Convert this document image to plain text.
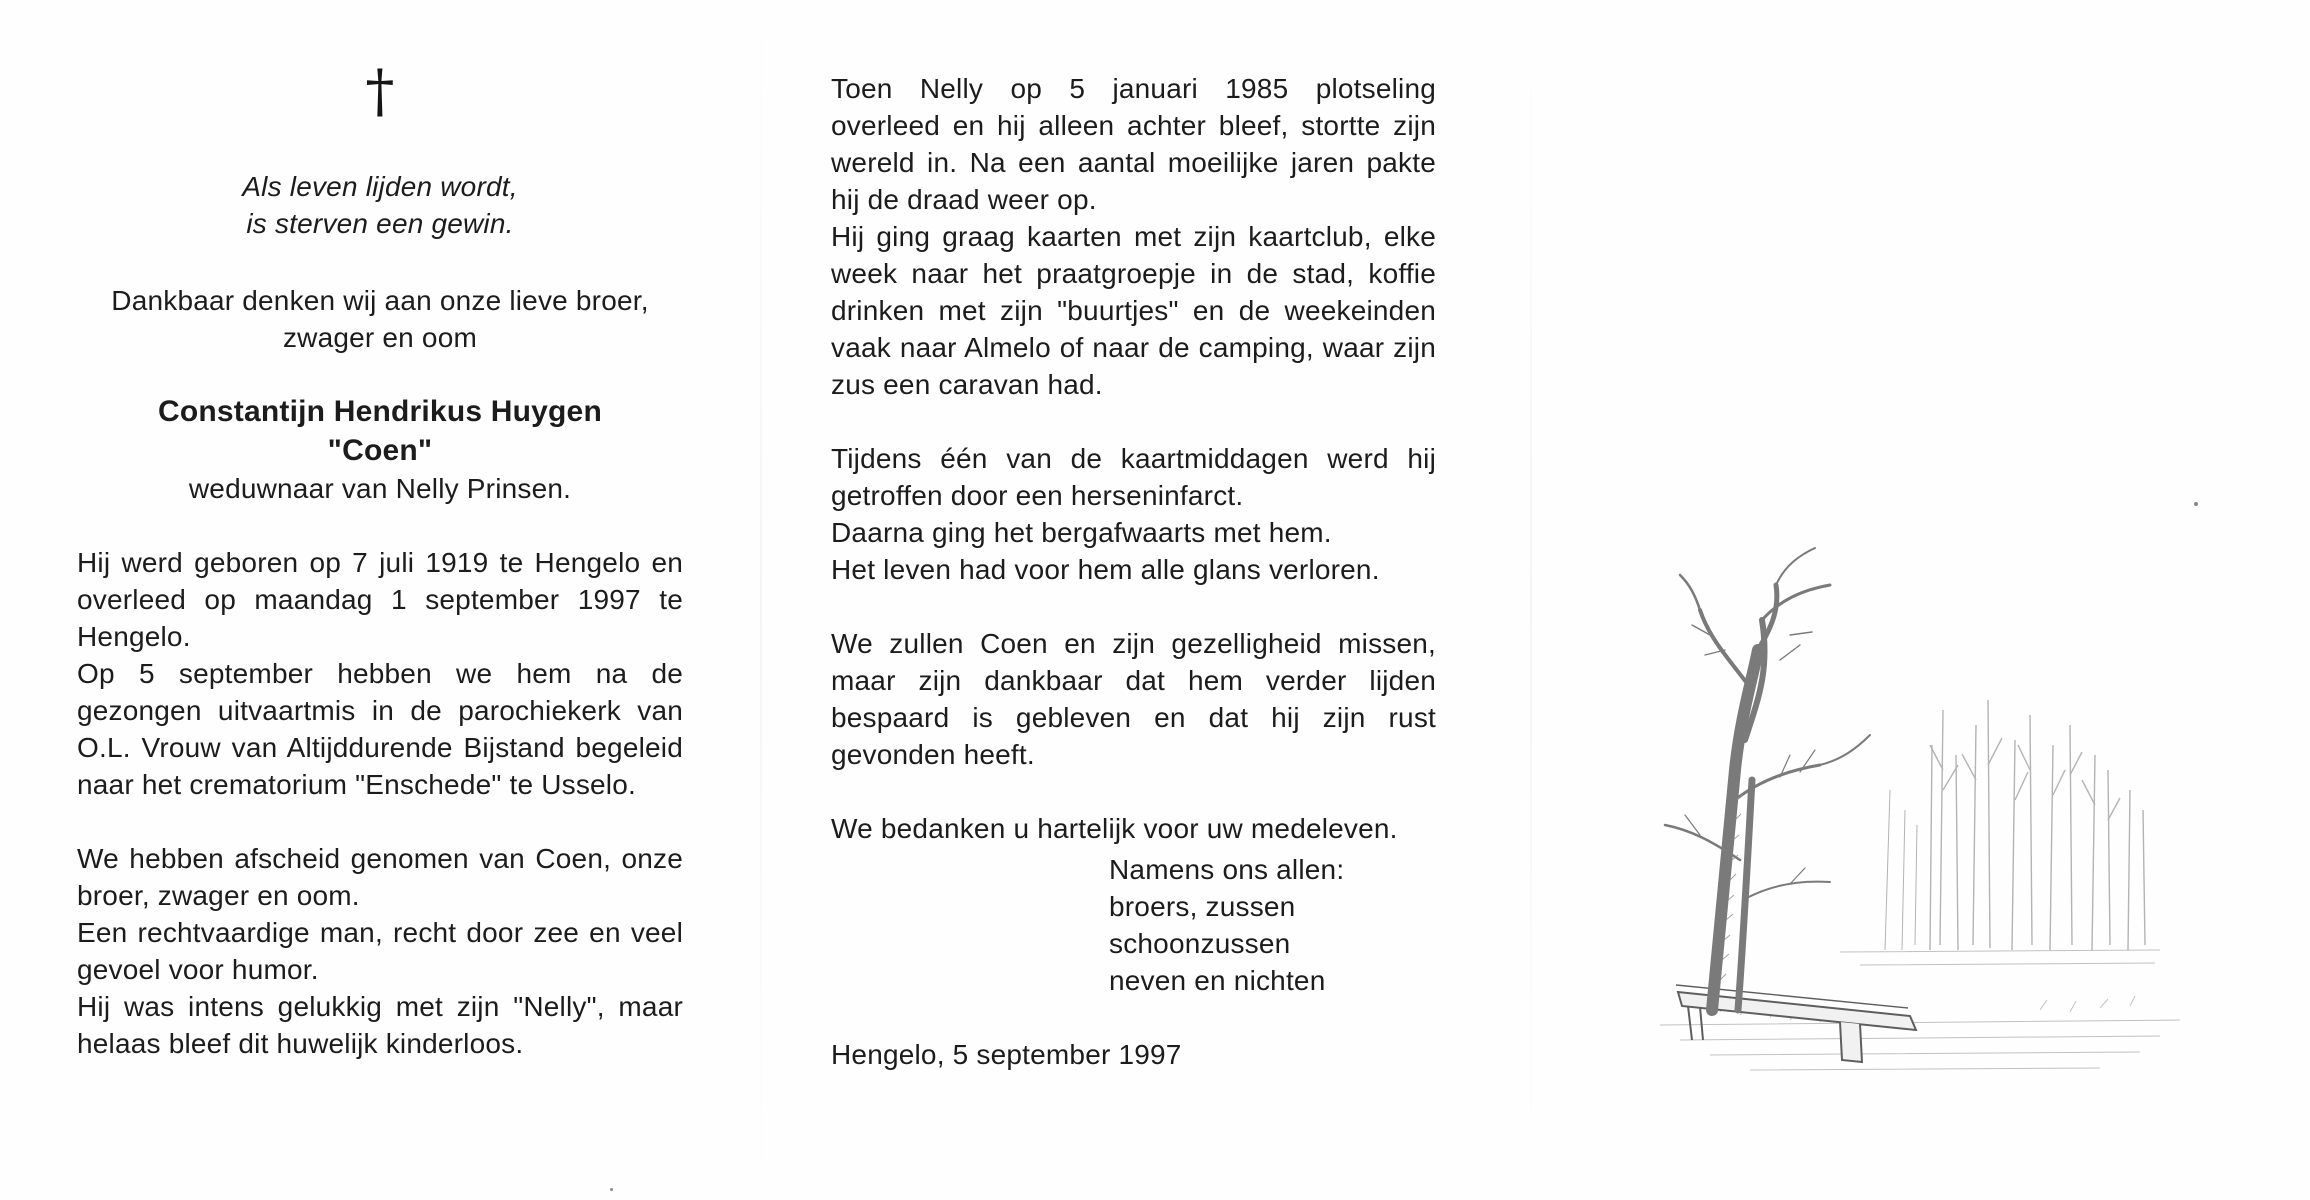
†
Als leven lijden wordt,
is sterven een gewin.
Dankbaar denken wij aan onze lieve broer,
zwager en oom
Constantijn Hendrikus Huygen
"Coen"
weduwnaar van Nelly Prinsen.

Hij werd geboren op 7 juli 1919 te Hengelo en overleed op maandag 1 september 1997 te Hengelo.

Op 5 september hebben we hem na de gezongen uitvaartmis in de parochiekerk van O.L. Vrouw van Altijddurende Bijstand begeleid naar het crematorium "Enschede" te Usselo.

We hebben afscheid genomen van Coen, onze broer, zwager en oom.

Een rechtvaardige man, recht door zee en veel gevoel voor humor.

Hij was intens gelukkig met zijn "Nelly", maar helaas bleef dit huwelijk kinderloos.

Toen Nelly op 5 januari 1985 plotseling overleed en hij alleen achter bleef, stortte zijn wereld in. Na een aantal moeilijke jaren pakte hij de draad weer op.

Hij ging graag kaarten met zijn kaartclub, elke week naar het praatgroepje in de stad, koffie drinken met zijn "buurtjes" en de weekeinden vaak naar Almelo of naar de camping, waar zijn zus een caravan had.

Tijdens één van de kaartmiddagen werd hij getroffen door een herseninfarct.

Daarna ging het bergafwaarts met hem.

Het leven had voor hem alle glans verloren.

We zullen Coen en zijn gezelligheid missen, maar zijn dankbaar dat hem verder lijden bespaard is gebleven en dat hij zijn rust gevonden heeft.

We bedanken u hartelijk voor uw medeleven.

Namens ons allen:
broers, zussen
schoonzussen
neven en nichten
Hengelo, 5 september 1997
